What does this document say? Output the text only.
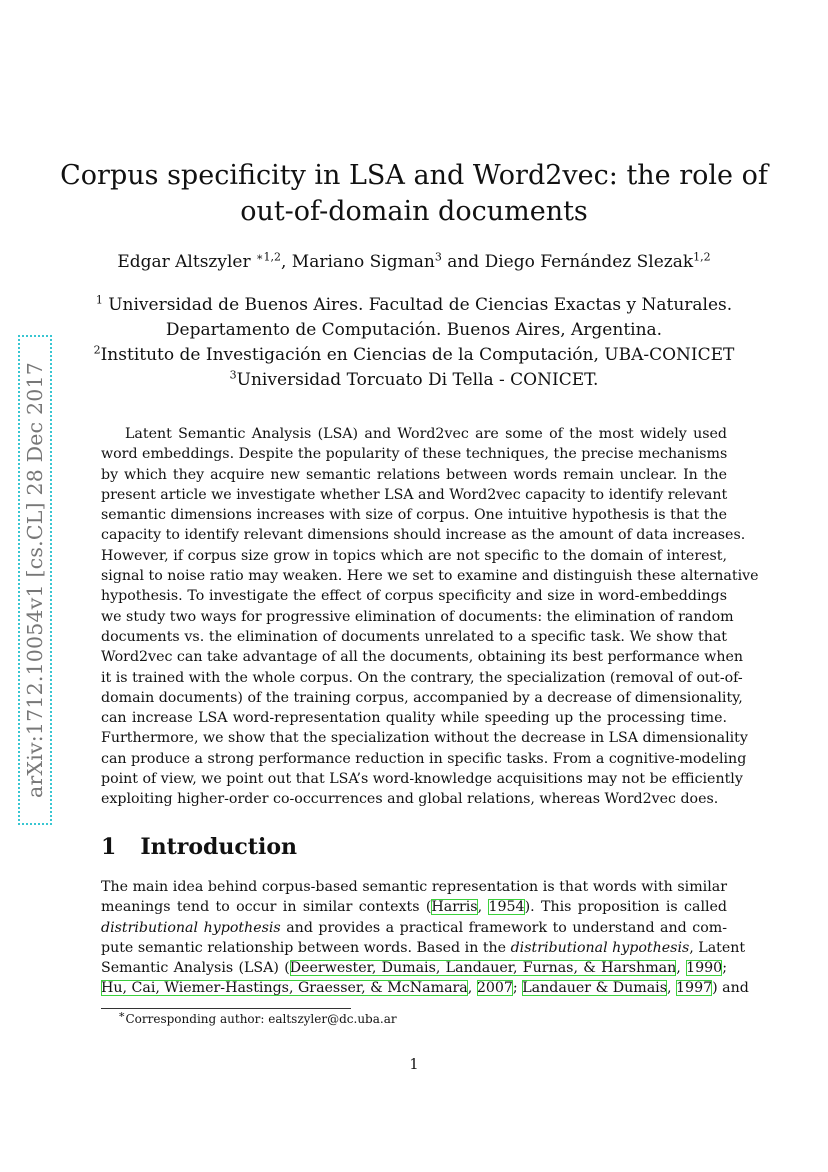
arXiv:1712.10054v1 [cs.CL] 28 Dec 2017
Corpus specificity in LSA and Word2vec: the role of
out-of-domain documents
Edgar Altszyler $^{∗1,2}$, Mariano Sigman$^3$ and Diego Fernández Slezak$^{1,2}$
$^1$ Universidad de Buenos Aires. Facultad de Ciencias Exactas y Naturales.
Departamento de Computación. Buenos Aires, Argentina.
$^2$Instituto de Investigación en Ciencias de la Computación, UBA-CONICET
$^3$Universidad Torcuato Di Tella - CONICET.
Latent Semantic Analysis (LSA) and Word2vec are some of the most widely used
word embeddings. Despite the popularity of these techniques, the precise mechanisms
by which they acquire new semantic relations between words remain unclear. In the
present article we investigate whether LSA and Word2vec capacity to identify relevant
semantic dimensions increases with size of corpus. One intuitive hypothesis is that the
capacity to identify relevant dimensions should increase as the amount of data increases.
However, if corpus size grow in topics which are not specific to the domain of interest,
signal to noise ratio may weaken. Here we set to examine and distinguish these alternative
hypothesis. To investigate the effect of corpus specificity and size in word-embeddings
we study two ways for progressive elimination of documents: the elimination of random
documents vs. the elimination of documents unrelated to a specific task. We show that
Word2vec can take advantage of all the documents, obtaining its best performance when
it is trained with the whole corpus. On the contrary, the specialization (removal of out-of-
domain documents) of the training corpus, accompanied by a decrease of dimensionality,
can increase LSA word-representation quality while speeding up the processing time.
Furthermore, we show that the specialization without the decrease in LSA dimensionality
can produce a strong performance reduction in specific tasks. From a cognitive-modeling
point of view, we point out that LSA’s word-knowledge acquisitions may not be efficiently
exploiting higher-order co-occurrences and global relations, whereas Word2vec does.
1 Introduction
The main idea behind corpus-based semantic representation is that words with similar
meanings tend to occur in similar contexts (Harris, 1954). This proposition is called
distributional hypothesis and provides a practical framework to understand and com-
pute semantic relationship between words. Based in the distributional hypothesis, Latent
Semantic Analysis (LSA) (Deerwester, Dumais, Landauer, Furnas, & Harshman, 1990;
Hu, Cai, Wiemer-Hastings, Graesser, & McNamara, 2007; Landauer & Dumais, 1997) and
∗Corresponding author: ealtszyler@dc.uba.ar
1
